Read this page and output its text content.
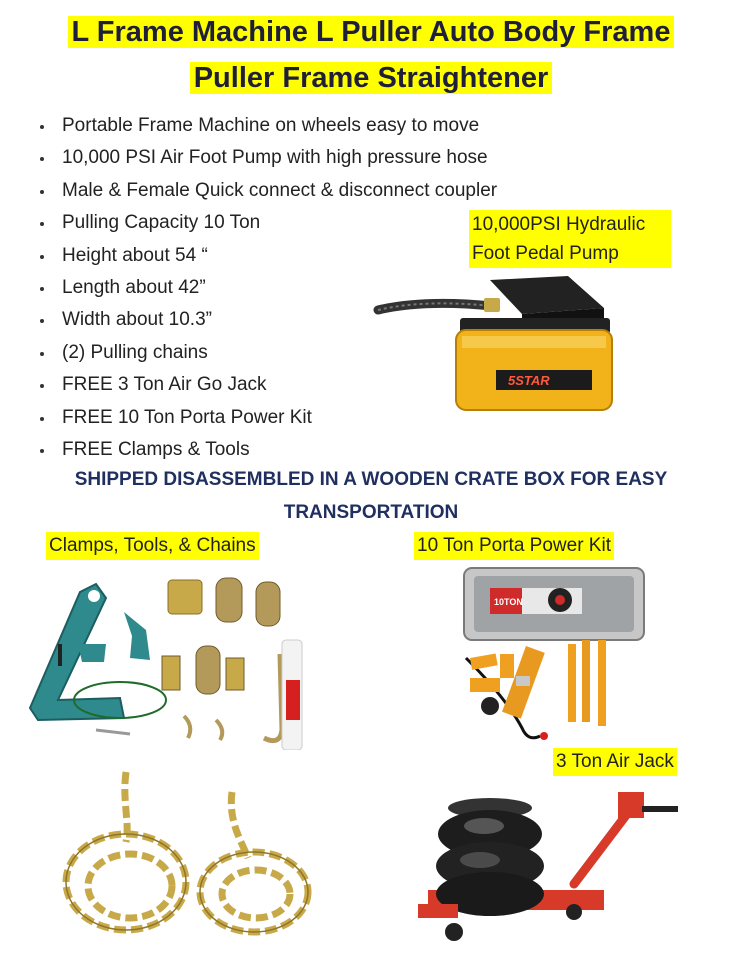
L Frame Machine L Puller Auto Body Frame
Puller Frame Straightener
Portable Frame Machine on wheels easy to move
10,000 PSI Air Foot Pump with high pressure hose
Male & Female Quick connect & disconnect coupler
Pulling Capacity 10 Ton
Height about 54 “
Length about 42”
Width about 10.3”
(2) Pulling chains
FREE 3 Ton Air Go Jack
FREE 10 Ton Porta Power Kit
FREE Clamps & Tools
10,000PSI Hydraulic Foot Pedal Pump
5STAR
SHIPPED DISASSEMBLED IN A WOODEN CRATE BOX FOR EASY TRANSPORTATION
Clamps, Tools, & Chains	10 Ton Porta Power Kit
10TON
3 Ton Air Jack
